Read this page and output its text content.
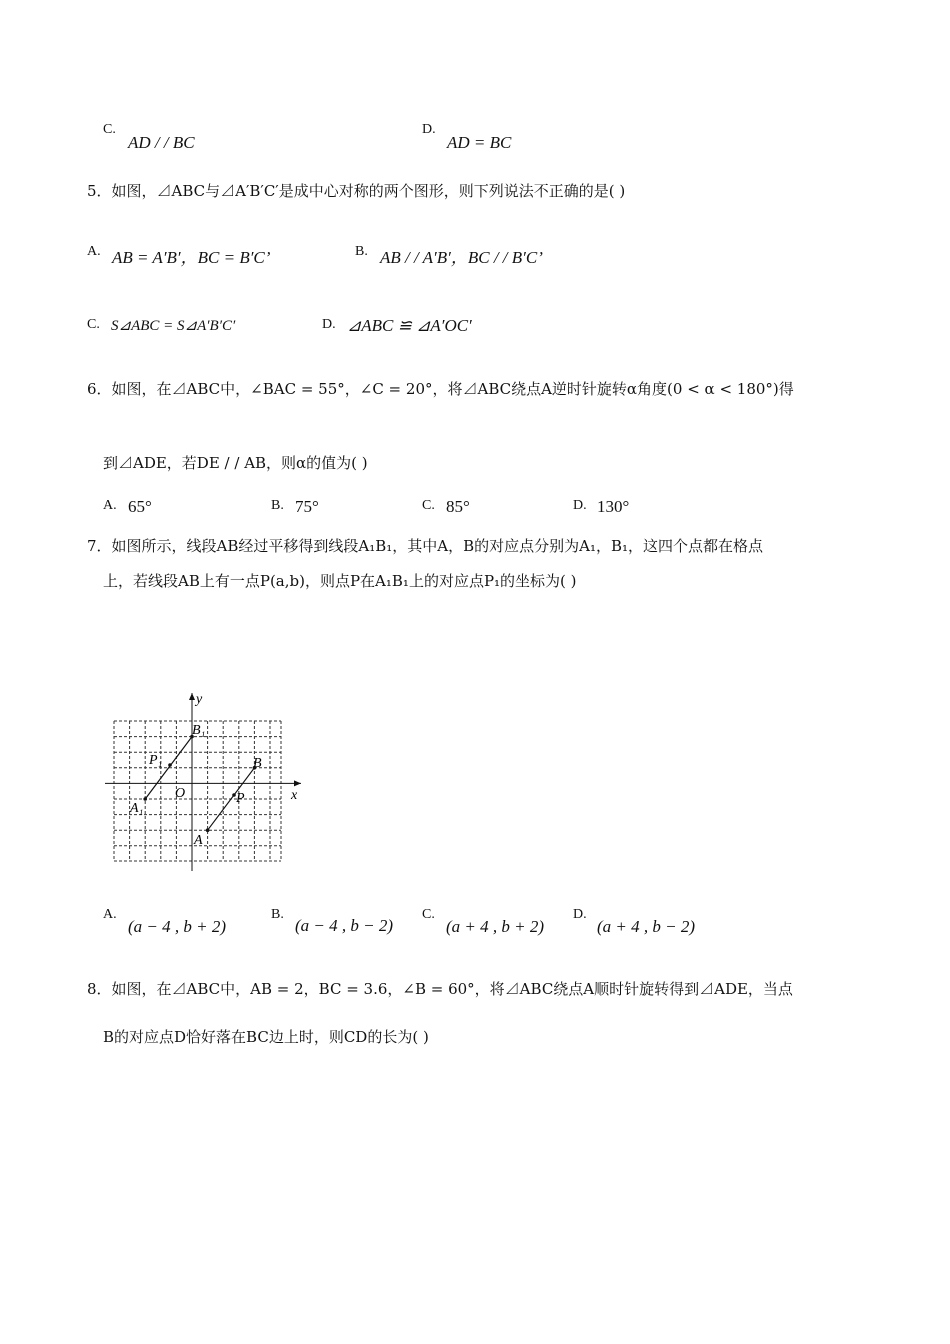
C.
AD / / BC
D.
AD = BC
5．如图，⊿ABC与⊿A′B′C′是成中心对称的两个图形，则下列说法不正确的是( )
A. AB = A′B′，BC = B′C’	B. AB / / A′B′，BC / / B′C’
C. S⊿ABC = S⊿A′B′C′	D. ⊿ABC ≌ ⊿A′OC′
6．如图，在⊿ABC中，∠BAC = 55°，∠C = 20°，将⊿ABC绕点A逆时针旋转α角度(0 < α < 180°)得
到⊿ADE，若DE / / AB，则α的值为( )
A. 65°	B. 75°	C. 85°	D. 130°
7．如图所示，线段AB经过平移得到线段A₁B₁，其中A，B的对应点分别为A₁，B₁，这四个点都在格点
上，若线段AB上有一点P(a,b)，则点P在A₁B₁上的对应点P₁的坐标为( )
y
x
O
B₁
P₁
A₁
B
P
A
A.
(a − 4 , b + 2)
B.
(a − 4 , b − 2)
C.
(a + 4 , b + 2)
D.
(a + 4 , b − 2)
8．如图，在⊿ABC中，AB = 2，BC = 3.6，∠B = 60°，将⊿ABC绕点A顺时针旋转得到⊿ADE，当点
B的对应点D恰好落在BC边上时，则CD的长为( )
